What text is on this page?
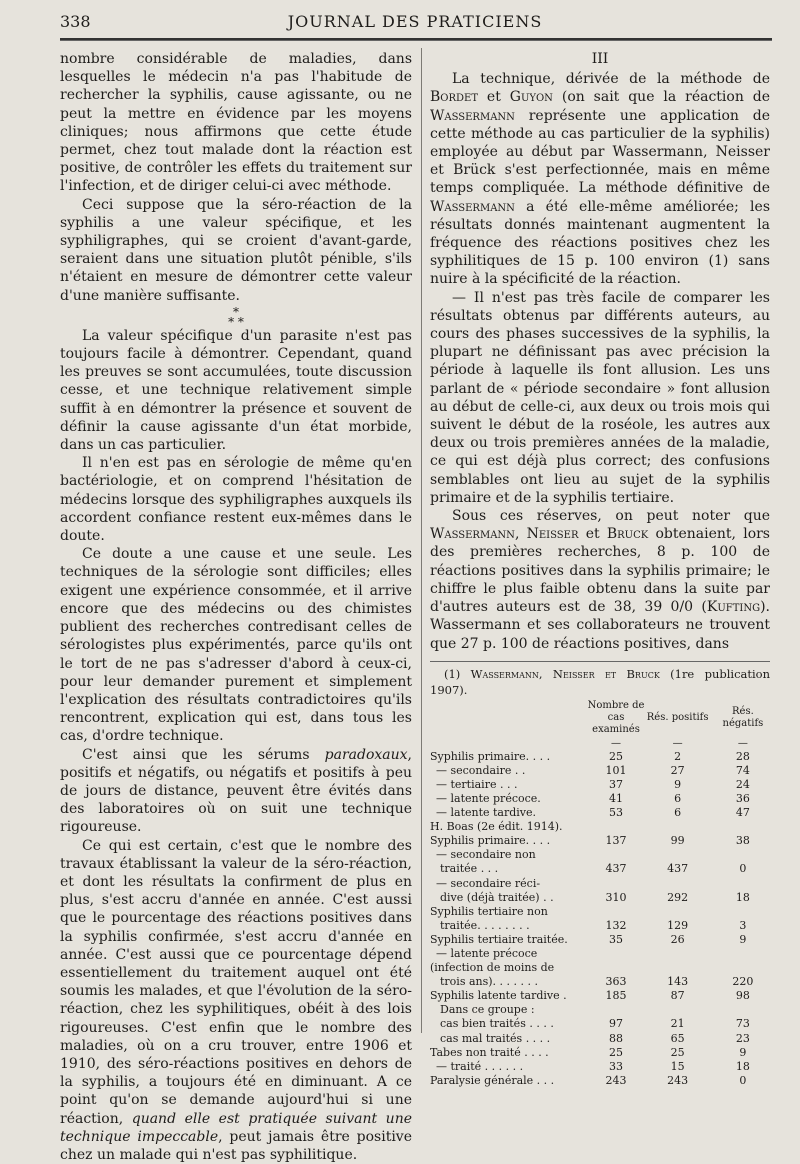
338	JOURNAL DES PRATICIENS

nombre considérable de maladies, dans lesquelles le médecin n'a pas l'habitude de rechercher la syphilis, cause agissante, ou ne peut la mettre en évidence par les moyens cliniques; nous affirmons que cette étude permet, chez tout malade dont la réaction est positive, de contrôler les effets du traitement sur l'infection, et de diriger celui-ci avec méthode.

Ceci suppose que la séro-réaction de la syphilis a une valeur spécifique, et les syphiligraphes, qui se croient d'avant-garde, seraient dans une situation plutôt pénible, s'ils n'étaient en mesure de démontrer cette valeur d'une manière suffisante.

*
* *

La valeur spécifique d'un parasite n'est pas toujours facile à démontrer. Cependant, quand les preuves se sont accumulées, toute discussion cesse, et une technique relativement simple suffit à en démontrer la présence et souvent de définir la cause agissante d'un état morbide, dans un cas particulier.

Il n'en est pas en sérologie de même qu'en bactériologie, et on comprend l'hésitation de médecins lorsque des syphiligraphes auxquels ils accordent confiance restent eux-mêmes dans le doute.

Ce doute a une cause et une seule. Les techniques de la sérologie sont difficiles; elles exigent une expérience consommée, et il arrive encore que des médecins ou des chimistes publient des recherches contredisant celles de sérologistes plus expérimentés, parce qu'ils ont le tort de ne pas s'adresser d'abord à ceux-ci, pour leur demander purement et simplement l'explication des résultats contradictoires qu'ils rencontrent, explication qui est, dans tous les cas, d'ordre technique.

C'est ainsi que les sérums paradoxaux, positifs et négatifs, ou négatifs et positifs à peu de jours de distance, peuvent être évités dans des laboratoires où on suit une technique rigoureuse.

Ce qui est certain, c'est que le nombre des travaux établissant la valeur de la séro-réaction, et dont les résultats la confirment de plus en plus, s'est accru d'année en année. C'est aussi que le pourcentage des réactions positives dans la syphilis confirmée, s'est accru d'année en année. C'est aussi que ce pourcentage dépend essentiellement du traitement auquel ont été soumis les malades, et que l'évolution de la séro-réaction, chez les syphilitiques, obéit à des lois rigoureuses. C'est enfin que le nombre des maladies, où on a cru trouver, entre 1906 et 1910, des séro-réactions positives en dehors de la syphilis, a toujours été en diminuant. A ce point qu'on se demande aujourd'hui si une réaction, quand elle est pratiquée suivant une technique impeccable, peut jamais être positive chez un malade qui n'est pas syphilitique.

III

La technique, dérivée de la méthode de Bordet et Guyon (on sait que la réaction de Wassermann représente une application de cette méthode au cas particulier de la syphilis) employée au début par Wassermann, Neisser et Brück s'est perfectionnée, mais en même temps compliquée. La méthode définitive de Wassermann a été elle-même améliorée; les résultats donnés maintenant augmentent la fréquence des réactions positives chez les syphilitiques de 15 p. 100 environ (1) sans nuire à la spécificité de la réaction.

— Il n'est pas très facile de comparer les résultats obtenus par différents auteurs, au cours des phases successives de la syphilis, la plupart ne définissant pas avec précision la période à laquelle ils font allusion. Les uns parlant de « période secondaire » font allusion au début de celle-ci, aux deux ou trois mois qui suivent le début de la roséole, les autres aux deux ou trois premières années de la maladie, ce qui est déjà plus correct; des confusions semblables ont lieu au sujet de la syphilis primaire et de la syphilis tertiaire.

Sous ces réserves, on peut noter que Wassermann, Neisser et Bruck obtenaient, lors des premières recherches, 8 p. 100 de réactions positives dans la syphilis primaire; le chiffre le plus faible obtenu dans la suite par d'autres auteurs est de 38, 39 0/0 (Kufting). Wassermann et ses collaborateurs ne trouvent que 27 p. 100 de réactions positives, dans

(1) Wassermann, Neisser et Bruck (1re publication 1907).
	Nombre de cas examinés	Rés. positifs	Rés. négatifs
	—	—	—
Syphilis primaire. . . .	25	2	28
— secondaire . .	101	27	74
— tertiaire . . .	37	9	24
— latente précoce.	41	6	36
— latente tardive.	53	6	47
H. Boas (2e édit. 1914).			
Syphilis primaire. . . .	137	99	38
— secondaire non			
traitée . . .	437	437	0
— secondaire réci-			
dive (déjà traitée) . .	310	292	18
Syphilis tertiaire non			
traitée. . . . . . . .	132	129	3
Syphilis tertiaire traitée.	35	26	9
— latente précoce			
(infection de moins de			
trois ans). . . . . . .	363	143	220
Syphilis latente tardive .	185	87	98
Dans ce groupe :			
cas bien traités . . . .	97	21	73
cas mal traités . . . .	88	65	23
Tabes non traité . . . .	25	25	9
— traité . . . . . .	33	15	18
Paralysie générale . . .	243	243	0
